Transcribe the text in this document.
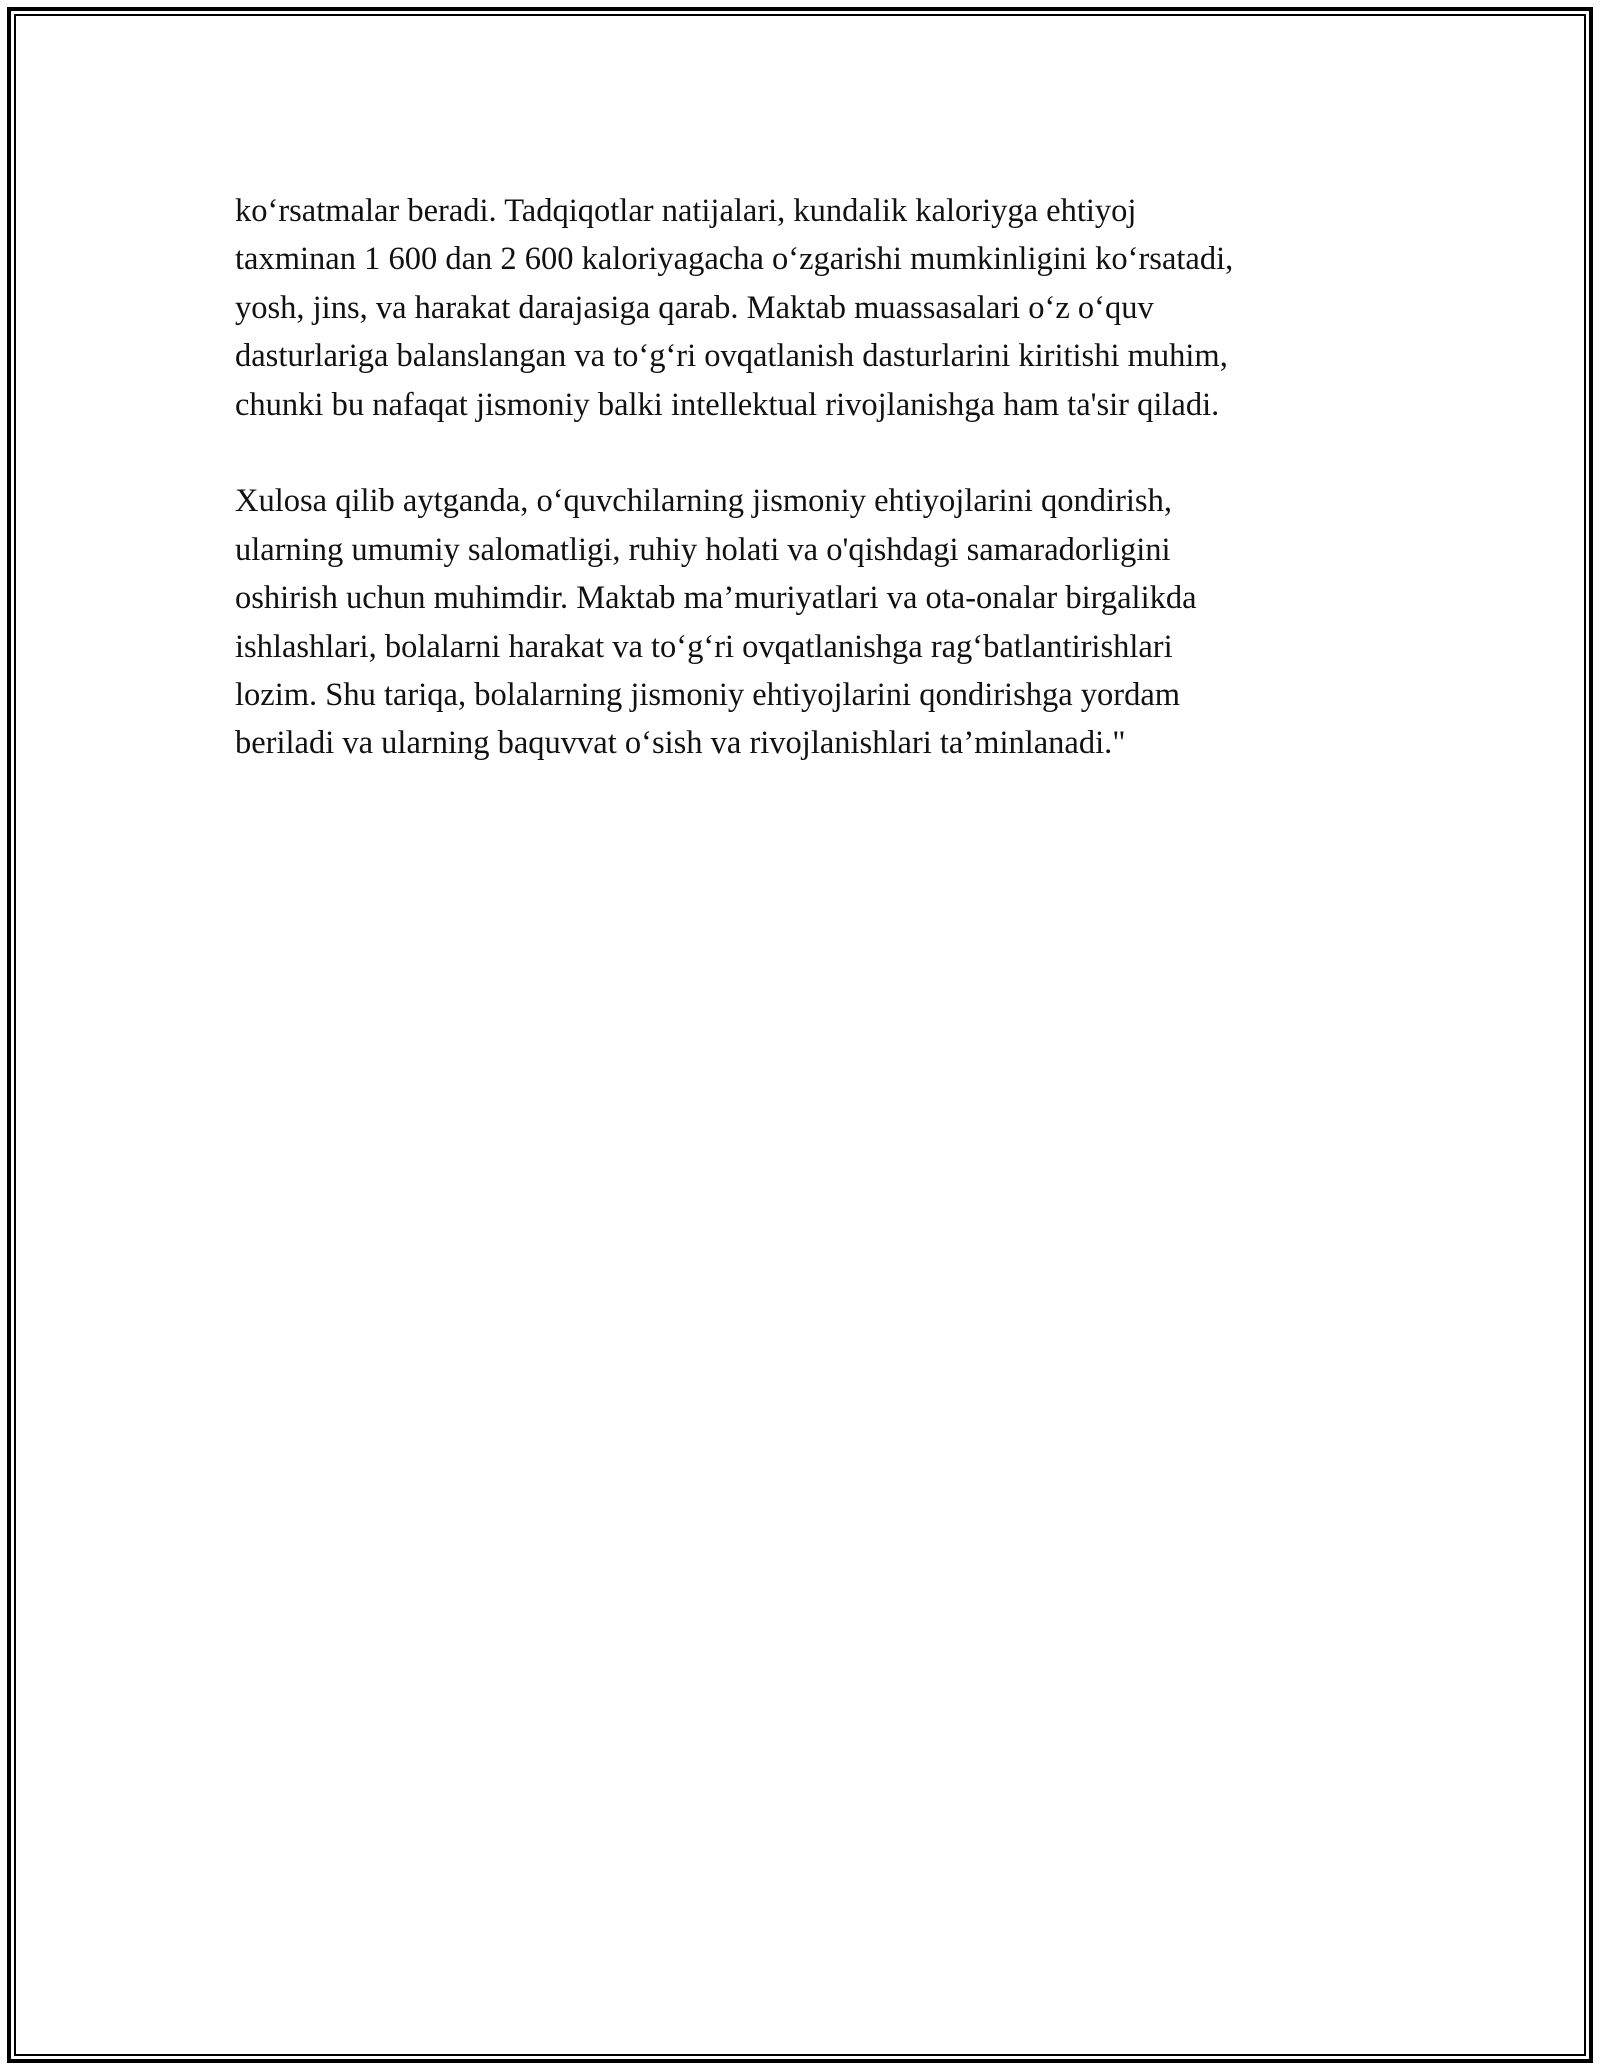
ko‘rsatmalar beradi. Tadqiqotlar natijalari, kundalik kaloriyga ehtiyoj
taxminan 1 600 dan 2 600 kaloriyagacha o‘zgarishi mumkinligini ko‘rsatadi,
yosh, jins, va harakat darajasiga qarab. Maktab muassasalari o‘z o‘quv
dasturlariga balanslangan va to‘g‘ri ovqatlanish dasturlarini kiritishi muhim,
chunki bu nafaqat jismoniy balki intellektual rivojlanishga ham ta'sir qiladi.

Xulosa qilib aytganda, o‘quvchilarning jismoniy ehtiyojlarini qondirish,
ularning umumiy salomatligi, ruhiy holati va o'qishdagi samaradorligini
oshirish uchun muhimdir. Maktab ma’muriyatlari va ota-onalar birgalikda
ishlashlari, bolalarni harakat va to‘g‘ri ovqatlanishga rag‘batlantirishlari
lozim. Shu tariqa, bolalarning jismoniy ehtiyojlarini qondirishga yordam
beriladi va ularning baquvvat o‘sish va rivojlanishlari ta’minlanadi."
